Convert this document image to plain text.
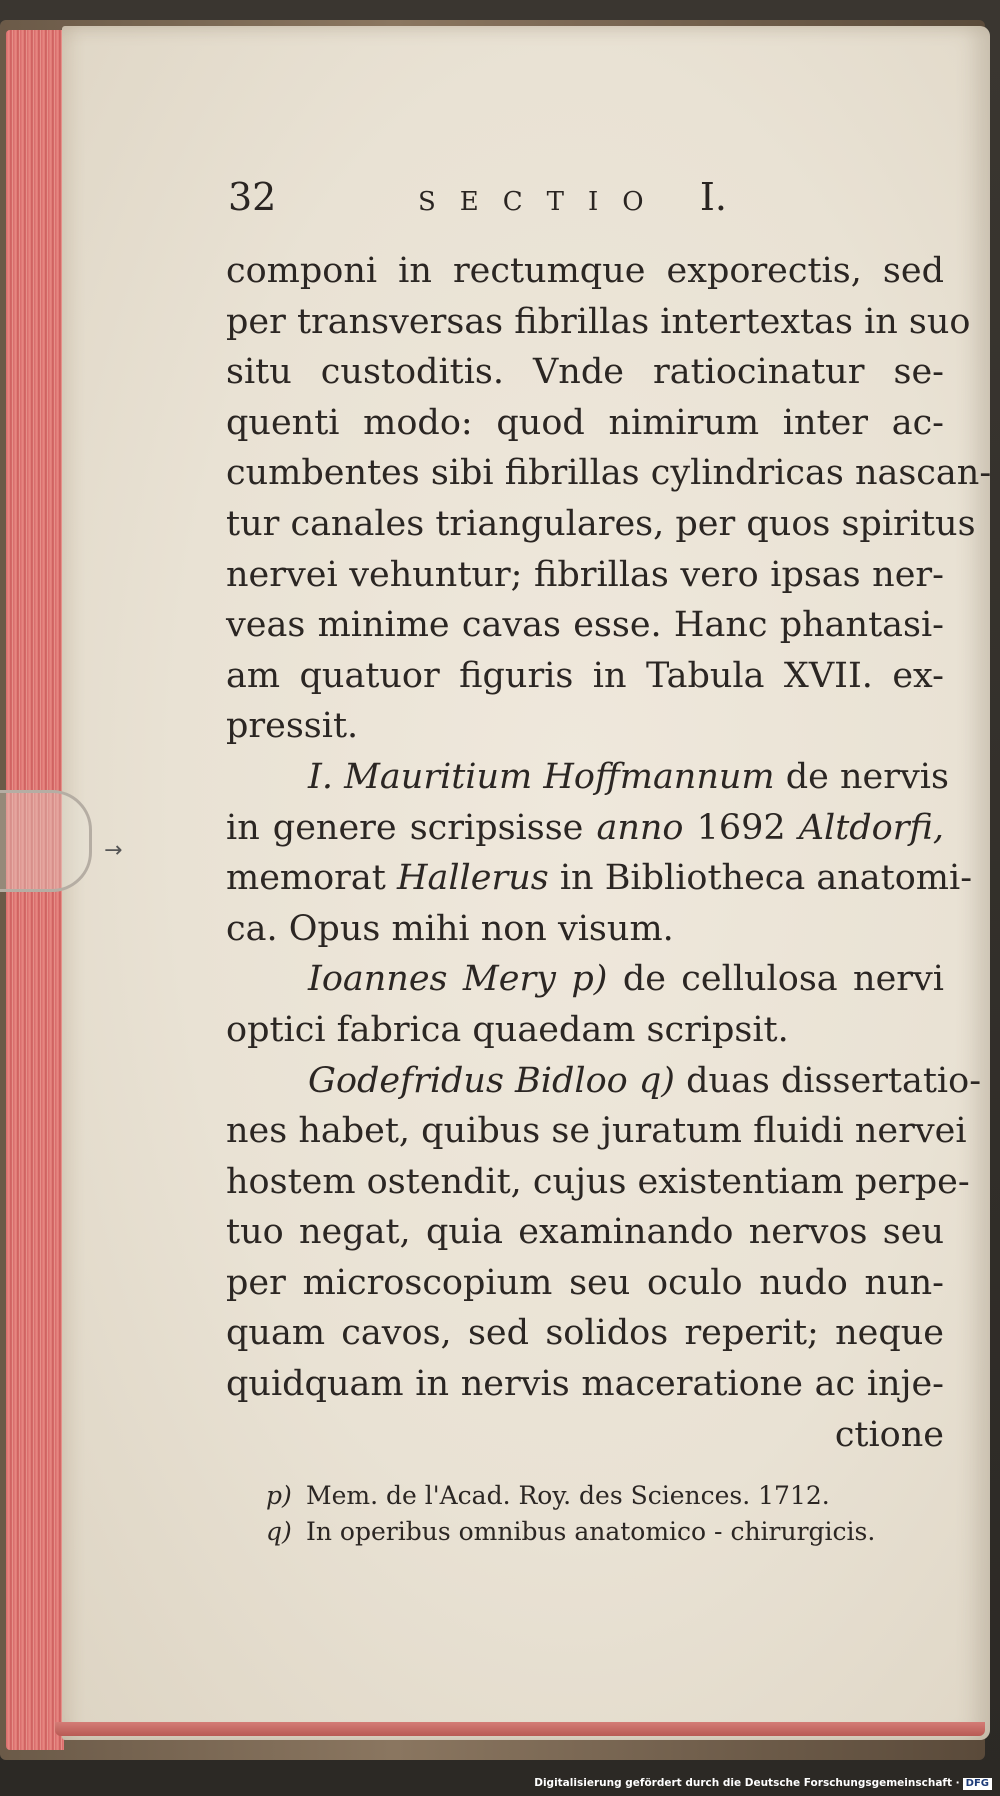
→
32	SECTIO I.
componi in rectumque exporectis, sed
per transversas fibrillas intertextas in suo
situ custoditis. Vnde ratiocinatur se-
quenti modo: quod nimirum inter ac-
cumbentes sibi fibrillas cylindricas nascan-
tur canales triangulares, per quos spiritus
nervei vehuntur; fibrillas vero ipsas ner-
veas minime cavas esse. Hanc phantasi-
am quatuor figuris in Tabula XVII. ex-
pressit.
I. Mauritium Hoffmannum de nervis
in genere scripsisse anno 1692 Altdorfi,
memorat Hallerus in Bibliotheca anatomi-
ca. Opus mihi non visum.
Ioannes Mery p) de cellulosa nervi
optici fabrica quaedam scripsit.
Godefridus Bidloo q) duas dissertatio-
nes habet, quibus se juratum fluidi nervei
hostem ostendit, cujus existentiam perpe-
tuo negat, quia examinando nervos seu
per microscopium seu oculo nudo nun-
quam cavos, sed solidos reperit; neque
quidquam in nervis maceratione ac inje-
ctione
p) Mem. de l'Acad. Roy. des Sciences. 1712.
q) In operibus omnibus anatomico - chirurgicis.
Digitalisierung gefördert durch die Deutsche Forschungsgemeinschaft · DFG
